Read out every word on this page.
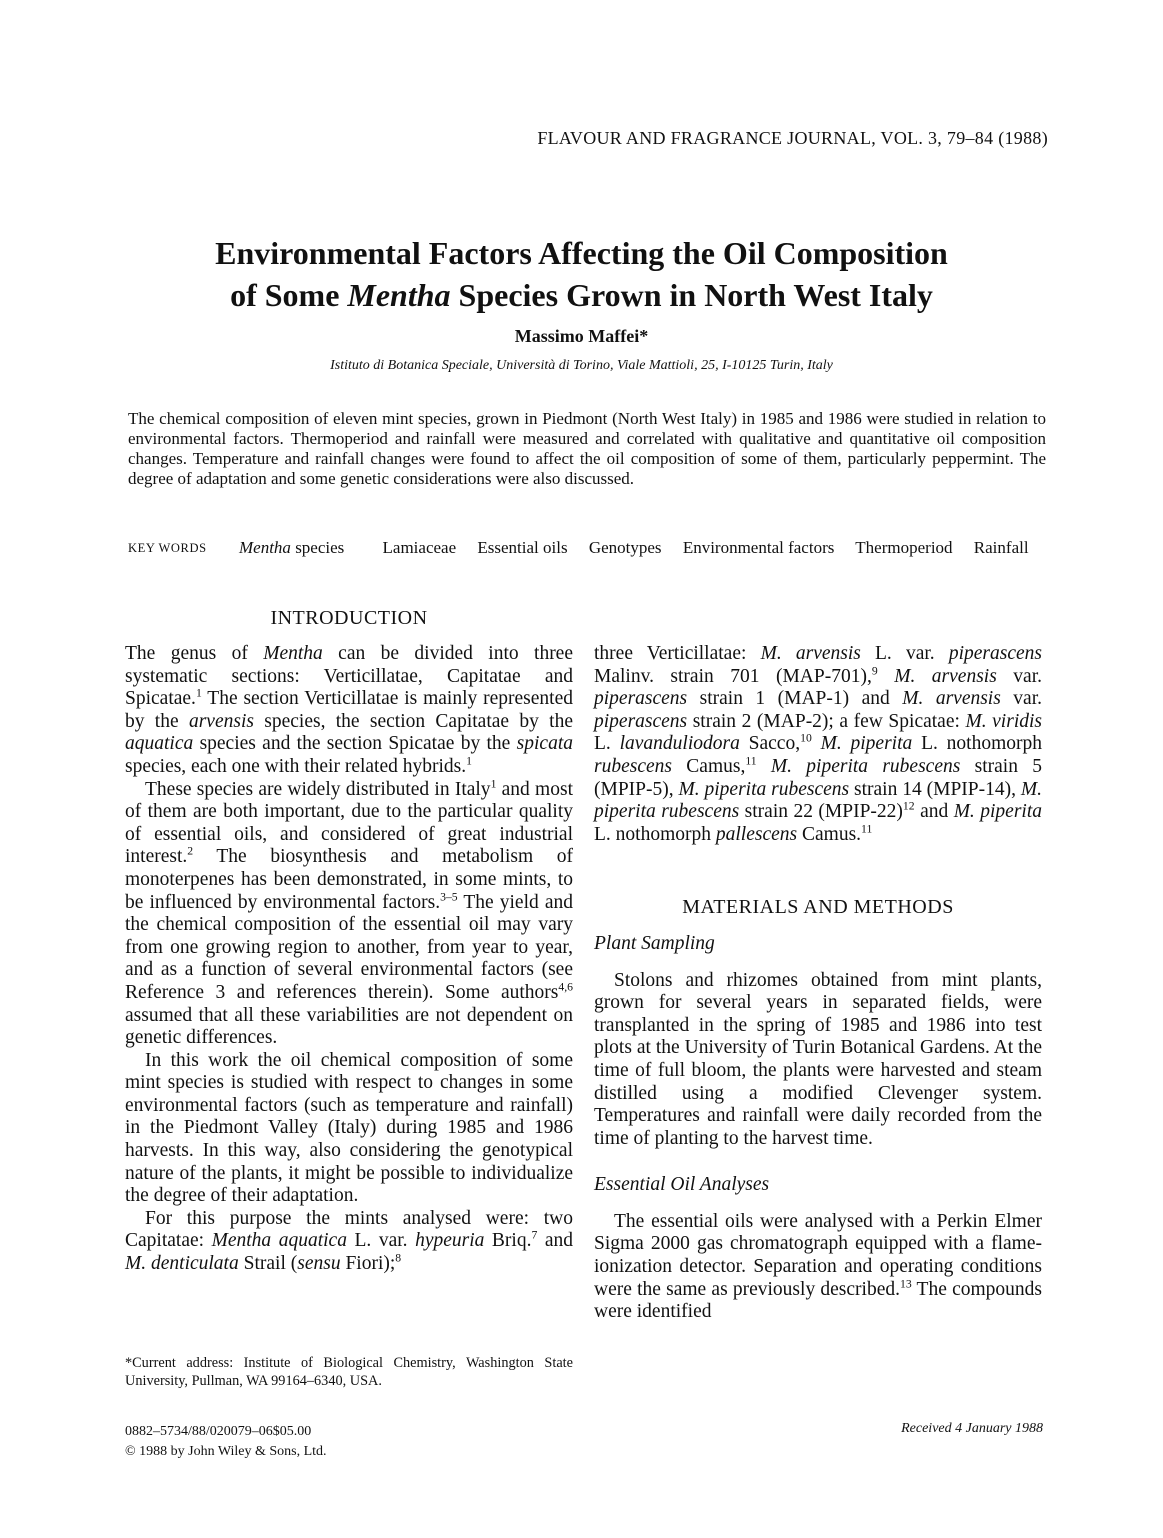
FLAVOUR AND FRAGRANCE JOURNAL, VOL. 3, 79–84 (1988)
Environmental Factors Affecting the Oil Composition
of Some Mentha Species Grown in North West Italy
Massimo Maffei*
Istituto di Botanica Speciale, Università di Torino, Viale Mattioli, 25, I-10125 Turin, Italy
The chemical composition of eleven mint species, grown in Piedmont (North West Italy) in 1985 and 1986 were studied in relation to environmental factors. Thermoperiod and rainfall were measured and correlated with qualitative and quantitative oil composition changes. Temperature and rainfall changes were found to affect the oil composition of some of them, particularly peppermint. The degree of adaptation and some genetic considerations were also discussed.
KEY WORDS Mentha species Lamiaceae Essential oils Genotypes Environmental factors Thermoperiod Rainfall
INTRODUCTION

The genus of Mentha can be divided into three systematic sections: Verticillatae, Capitatae and Spicatae.$^1$ The section Verticillatae is mainly represented by the arvensis species, the section Capitatae by the aquatica species and the section Spicatae by the spicata species, each one with their related hybrids.$^1$

These species are widely distributed in Italy$^1$ and most of them are both important, due to the particular quality of essential oils, and considered of great industrial interest.$^2$ The biosynthesis and metabolism of monoterpenes has been demonstrated, in some mints, to be influenced by environmental factors.$^{3-5}$ The yield and the chemical composition of the essential oil may vary from one growing region to another, from year to year, and as a function of several environmental factors (see Reference 3 and references therein). Some authors$^{4,6}$ assumed that all these variabilities are not dependent on genetic differences.

In this work the oil chemical composition of some mint species is studied with respect to changes in some environmental factors (such as temperature and rainfall) in the Piedmont Valley (Italy) during 1985 and 1986 harvests. In this way, also considering the genotypical nature of the plants, it might be possible to individualize the degree of their adaptation.

For this purpose the mints analysed were: two Capitatae: Mentha aquatica L. var. hypeuria Briq.$^7$ and M. denticulata Strail (sensu Fiori);$^8$

*Current address: Institute of Biological Chemistry, Washington State University, Pullman, WA 99164–6340, USA.

three Verticillatae: M. arvensis L. var. piperascens Malinv. strain 701 (MAP-701),$^9$ M. arvensis var. piperascens strain 1 (MAP-1) and M. arvensis var. piperascens strain 2 (MAP-2); a few Spicatae: M. viridis L. lavanduliodora Sacco,$^{10}$ M. piperita L. nothomorph rubescens Camus,$^{11}$ M. piperita rubescens strain 5 (MPIP-5), M. piperita rubescens strain 14 (MPIP-14), M. piperita rubescens strain 22 (MPIP-22)$^{12}$ and M. piperita L. nothomorph pallescens Camus.$^{11}$

MATERIALS AND METHODS

Plant Sampling

Stolons and rhizomes obtained from mint plants, grown for several years in separated fields, were transplanted in the spring of 1985 and 1986 into test plots at the University of Turin Botanical Gardens. At the time of full bloom, the plants were harvested and steam distilled using a modified Clevenger system. Temperatures and rainfall were daily recorded from the time of planting to the harvest time.

Essential Oil Analyses

The essential oils were analysed with a Perkin Elmer Sigma 2000 gas chromatograph equipped with a flame-ionization detector. Separation and operating conditions were the same as previously described.$^{13}$ The compounds were identified

0882–5734/88/020079–06$05.00
© 1988 by John Wiley & Sons, Ltd.
Received 4 January 1988
